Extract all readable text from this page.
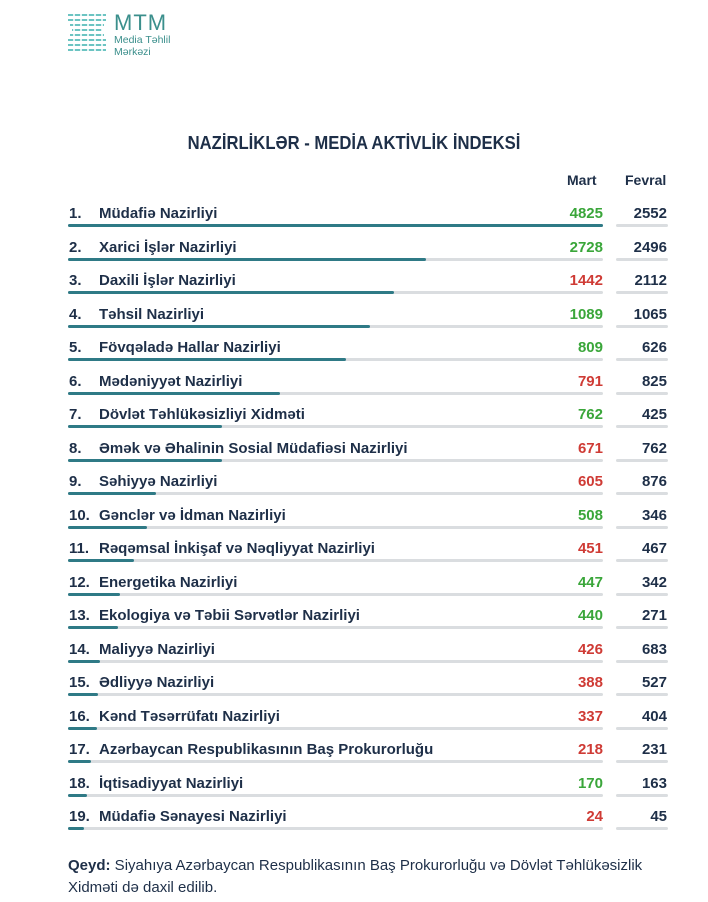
MTM
Media Təhlil
Mərkəzi
NAZİRLİKLƏR - MEDİA AKTİVLİK İNDEKSİ
Mart Fevral
1. Müdafiə Nazirliyi	4825 2552
2. Xarici İşlər Nazirliyi	2728 2496
3. Daxili İşlər Nazirliyi	1442 2112
4. Təhsil Nazirliyi	1089 1065
5. Fövqəladə Hallar Nazirliyi	809	626
6. Mədəniyyət Nazirliyi	791	825
7. Dövlət Təhlükəsizliyi Xidməti	762	425
8. Əmək və Əhalinin Sosial Müdafiəsi Nazirliyi	671	762
9. Səhiyyə Nazirliyi	605	876
10. Gənclər və İdman Nazirliyi	508	346
11. Rəqəmsal İnkişaf və Nəqliyyat Nazirliyi	451	467
12. Energetika Nazirliyi	447	342
13. Ekologiya və Təbii Sərvətlər Nazirliyi	440	271
14. Maliyyə Nazirliyi	426	683
15. Ədliyyə Nazirliyi	388	527
16. Kənd Təsərrüfatı Nazirliyi	337	404
17. Azərbaycan Respublikasının Baş Prokurorluğu	218	231
18. İqtisadiyyat Nazirliyi	170	163
19. Müdafiə Sənayesi Nazirliyi	24	45
Qeyd: Siyahıya Azərbaycan Respublikasının Baş Prokurorluğu və Dövlət Təhlükəsizlik Xidməti də daxil edilib.
